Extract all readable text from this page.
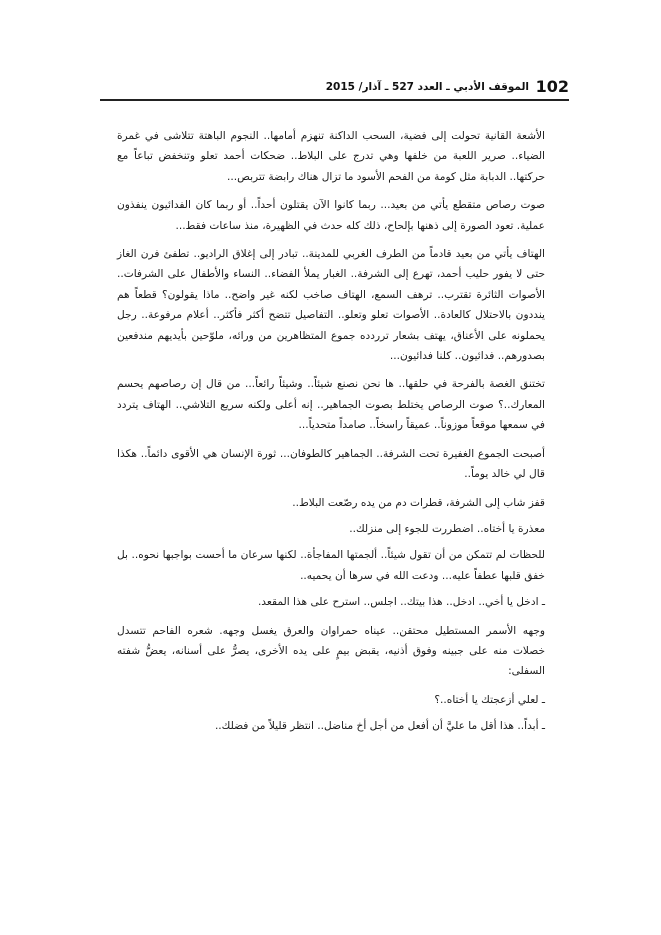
102
الموقف الأدبي ـ العدد 527 ـ آذار/ 2015

الأشعة القانية تحولت إلى فضية، السحب الداكنة تنهزم أمامها.. النجوم الباهتة تتلاشى في غمرة الضياء.. صرير اللعبة من خلفها وهي تدرج على البلاط.. ضحكات أحمد تعلو وتنخفض تباعاً مع حركتها.. الدبابة مثل كومة من الفحم الأسود ما تزال هناك رابضة تتربص...

صوت رصاص متقطع يأتي من بعيد... ربما كانوا الآن يقتلون أحداً.. أو ربما كان الفدائيون ينفذون عملية. تعود الصورة إلى ذهنها بإلحاح، ذلك كله حدث في الظهيرة، منذ ساعات فقط...

الهتاف يأتي من بعيد قادماً من الطرف الغربي للمدينة.. تبادر إلى إغلاق الراديو.. تطفئ فرن الغاز حتى لا يفور حليب أحمد، تهرع إلى الشرفة.. الغبار يملأ الفضاء.. النساء والأطفال على الشرفات.. الأصوات الثائرة تقترب.. ترهف السمع، الهتاف صاخب لكنه غير واضح.. ماذا يقولون؟ قطعاً هم ينددون بالاحتلال كالعادة.. الأصوات تعلو وتعلو.. التفاصيل تتضح أكثر فأكثر.. أعلام مرفوعة.. رجل يحملونه على الأعناق، يهتف بشعار ترردده جموع المتظاهرين من ورائه، ملوّحين بأيديهم مندفعين بصدورهم.. فدائيون.. كلنا فدائيون...

تختنق الغصة بالفرحة في حلقها.. ها نحن نصنع شيئاً.. وشيئاً رائعاً... من قال إن رصاصهم يحسم المعارك..؟ صوت الرصاص يختلط بصوت الجماهير.. إنه أعلى ولكنه سريع التلاشي.. الهتاف يتردد في سمعها موقعاً موزوناً.. عميقاً راسخاً.. صامداً متحدياً...

أصبحت الجموع الغفيرة تحت الشرفة.. الجماهير كالطوفان... ثورة الإنسان هي الأقوى دائماً.. هكذا قال لي خالد يوماً..

قفز شاب إلى الشرفة، قطرات دم من يده رصّعت البلاط..

معذرة يا أختاه.. اضطررت للجوء إلى منزلك..

للحظات لم تتمكن من أن تقول شيئاً.. ألجمتها المفاجأة.. لكنها سرعان ما أحست بواجبها نحوه.. بل خفق قلبها عطفاً عليه... ودعت الله في سرها أن يحميه..

ـ ادخل يا أخي.. ادخل.. هذا بيتك.. اجلس.. استرح على هذا المقعد.

وجهه الأسمر المستطيل محتقن.. عيناه حمراوان والعرق يغسل وجهه. شعره الفاحم تتسدل خصلات منه على جبينه وفوق أذنيه، يقبض بيمٍ على يده الأخرى، يصرُّ على أسنانه، يعضُّ شفته السفلى:

ـ لعلي أزعجتك يا أختاه..؟

ـ أبداً.. هذا أقل ما عليَّ أن أفعل من أجل أخ مناضل.. انتظر قليلاً من فضلك..
